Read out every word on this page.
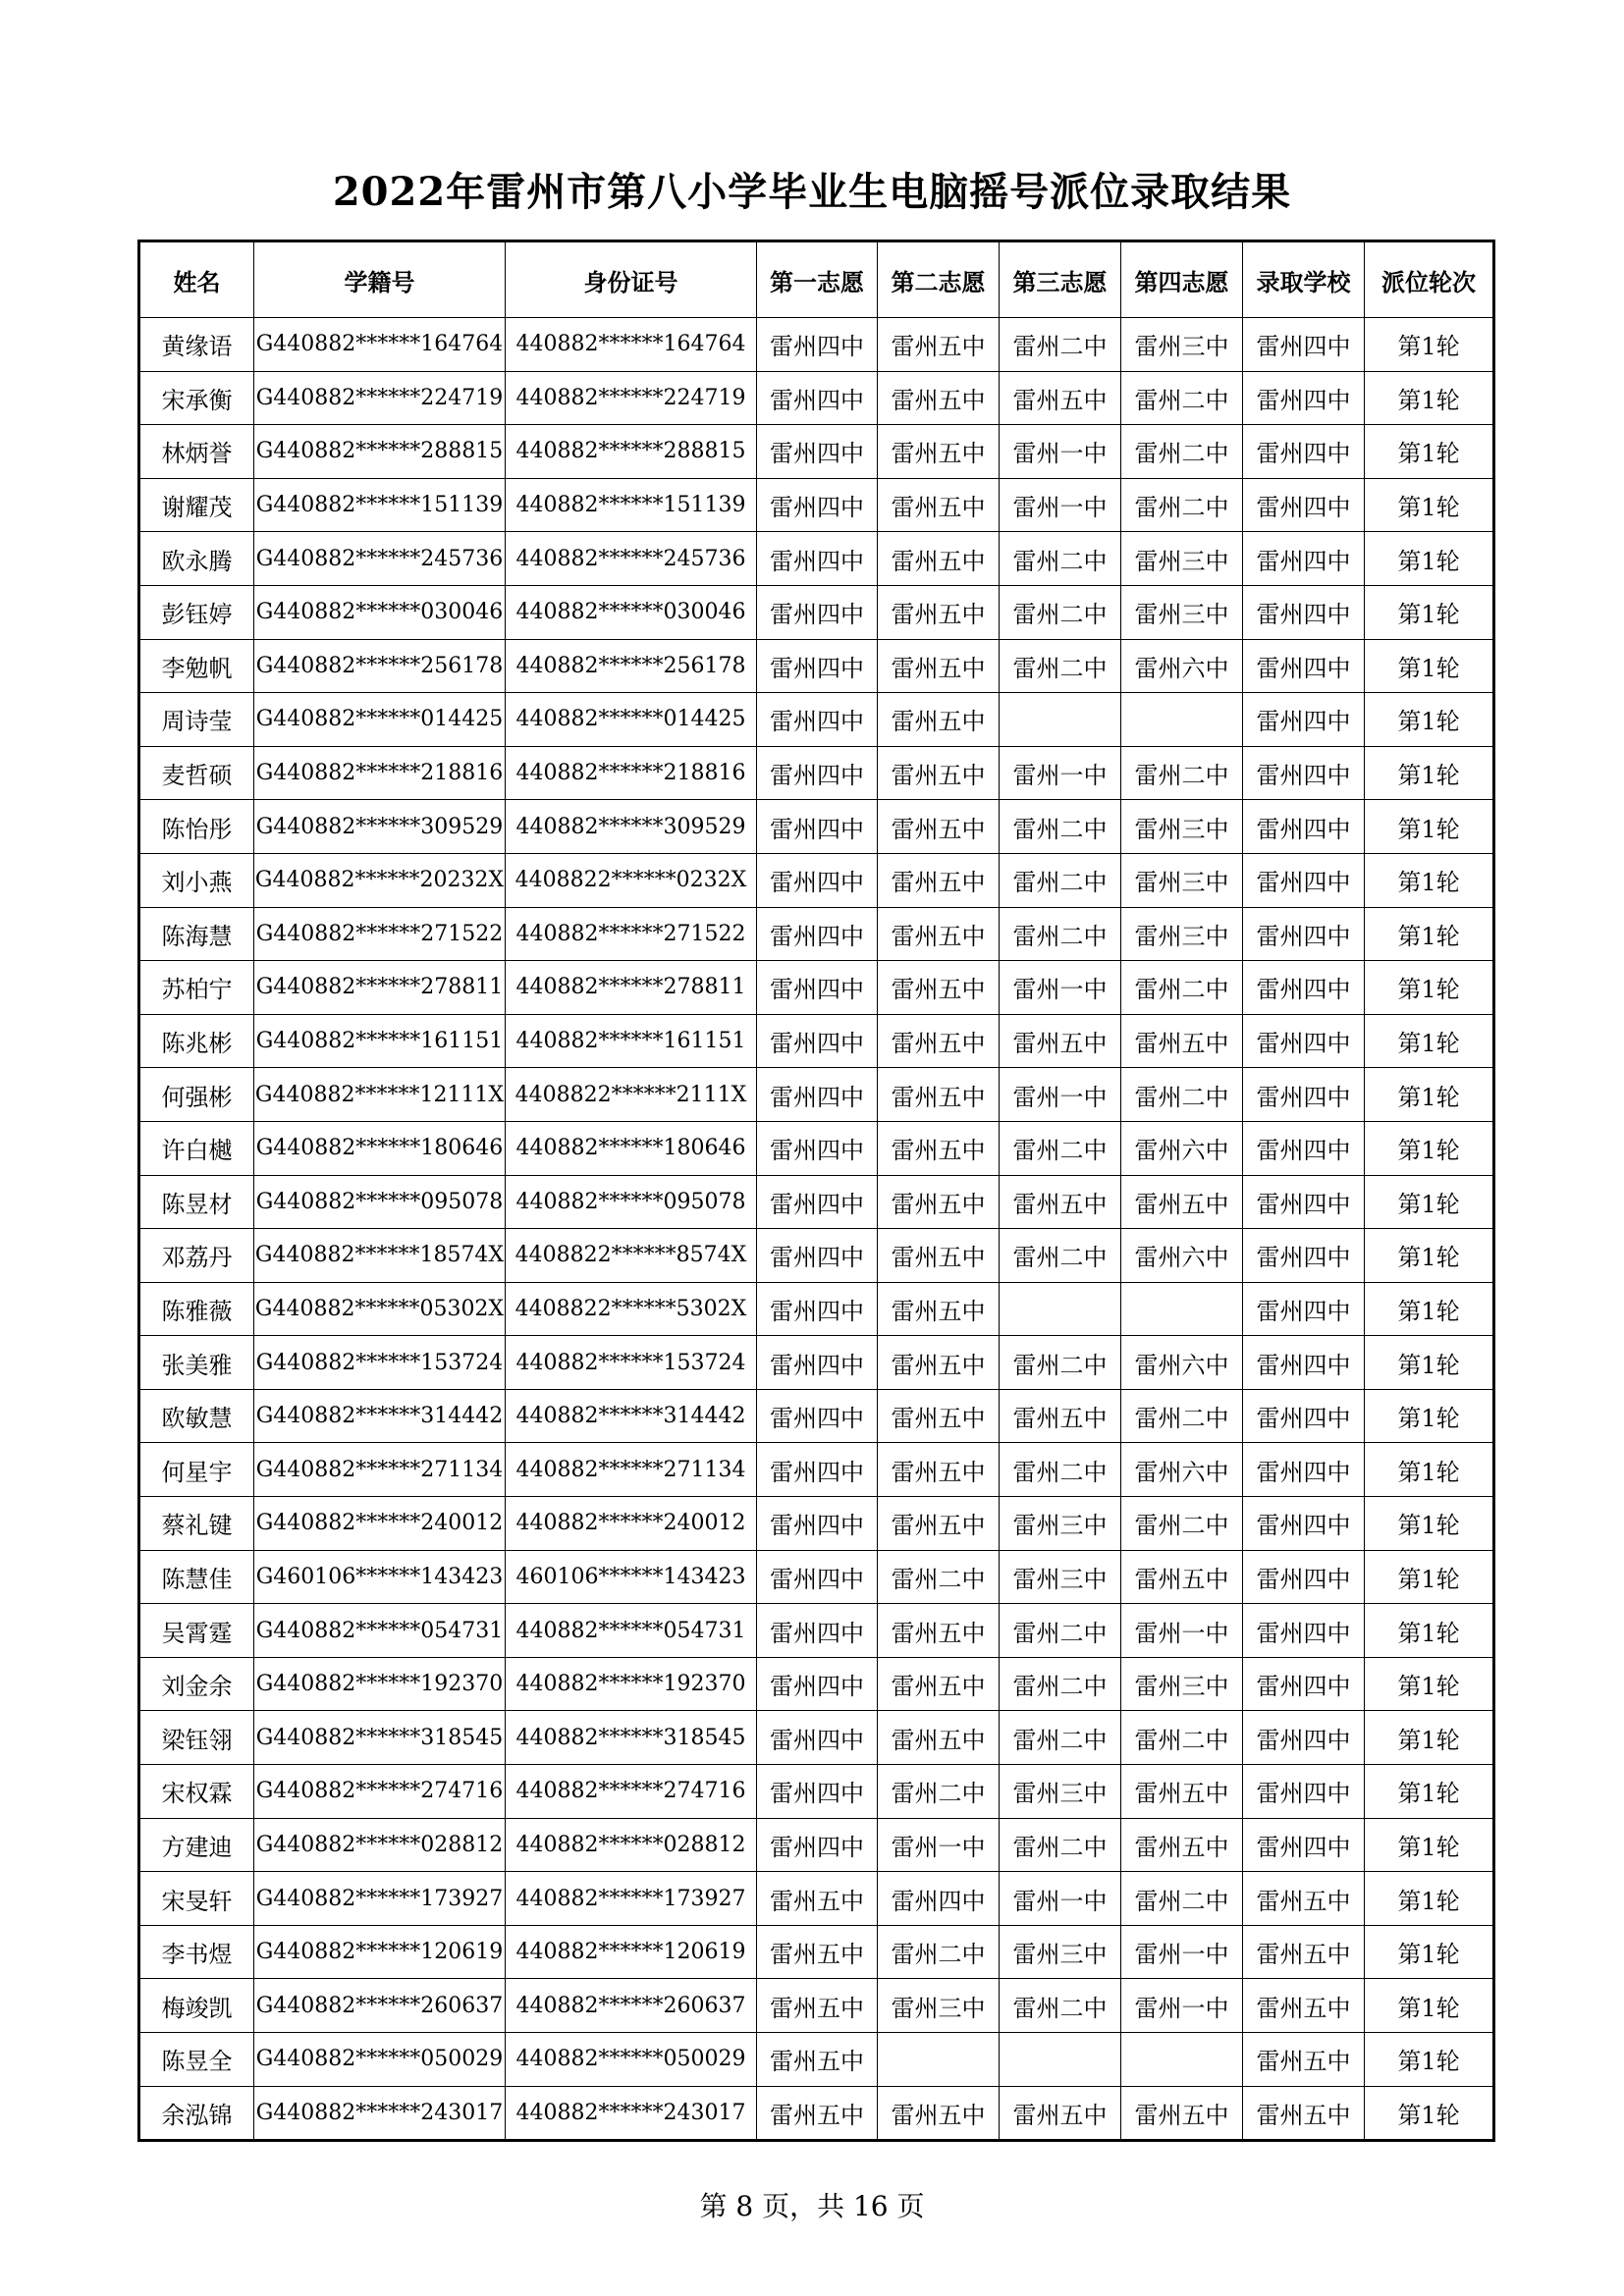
2022年雷州市第八小学毕业生电脑摇号派位录取结果
姓名	学籍号	身份证号	第一志愿	第二志愿	第三志愿	第四志愿	录取学校	派位轮次
黄缘语	G440882******164764	440882******164764	雷州四中	雷州五中	雷州二中	雷州三中	雷州四中	第1轮
宋承衡	G440882******224719	440882******224719	雷州四中	雷州五中	雷州五中	雷州二中	雷州四中	第1轮
林炳誉	G440882******288815	440882******288815	雷州四中	雷州五中	雷州一中	雷州二中	雷州四中	第1轮
谢耀茂	G440882******151139	440882******151139	雷州四中	雷州五中	雷州一中	雷州二中	雷州四中	第1轮
欧永腾	G440882******245736	440882******245736	雷州四中	雷州五中	雷州二中	雷州三中	雷州四中	第1轮
彭钰婷	G440882******030046	440882******030046	雷州四中	雷州五中	雷州二中	雷州三中	雷州四中	第1轮
李勉帆	G440882******256178	440882******256178	雷州四中	雷州五中	雷州二中	雷州六中	雷州四中	第1轮
周诗莹	G440882******014425	440882******014425	雷州四中	雷州五中			雷州四中	第1轮
麦哲硕	G440882******218816	440882******218816	雷州四中	雷州五中	雷州一中	雷州二中	雷州四中	第1轮
陈怡彤	G440882******309529	440882******309529	雷州四中	雷州五中	雷州二中	雷州三中	雷州四中	第1轮
刘小燕	G440882******20232X	4408822******0232X	雷州四中	雷州五中	雷州二中	雷州三中	雷州四中	第1轮
陈海慧	G440882******271522	440882******271522	雷州四中	雷州五中	雷州二中	雷州三中	雷州四中	第1轮
苏柏宁	G440882******278811	440882******278811	雷州四中	雷州五中	雷州一中	雷州二中	雷州四中	第1轮
陈兆彬	G440882******161151	440882******161151	雷州四中	雷州五中	雷州五中	雷州五中	雷州四中	第1轮
何强彬	G440882******12111X	4408822******2111X	雷州四中	雷州五中	雷州一中	雷州二中	雷州四中	第1轮
许白樾	G440882******180646	440882******180646	雷州四中	雷州五中	雷州二中	雷州六中	雷州四中	第1轮
陈昱材	G440882******095078	440882******095078	雷州四中	雷州五中	雷州五中	雷州五中	雷州四中	第1轮
邓荔丹	G440882******18574X	4408822******8574X	雷州四中	雷州五中	雷州二中	雷州六中	雷州四中	第1轮
陈雅薇	G440882******05302X	4408822******5302X	雷州四中	雷州五中			雷州四中	第1轮
张美雅	G440882******153724	440882******153724	雷州四中	雷州五中	雷州二中	雷州六中	雷州四中	第1轮
欧敏慧	G440882******314442	440882******314442	雷州四中	雷州五中	雷州五中	雷州二中	雷州四中	第1轮
何星宇	G440882******271134	440882******271134	雷州四中	雷州五中	雷州二中	雷州六中	雷州四中	第1轮
蔡礼键	G440882******240012	440882******240012	雷州四中	雷州五中	雷州三中	雷州二中	雷州四中	第1轮
陈慧佳	G460106******143423	460106******143423	雷州四中	雷州二中	雷州三中	雷州五中	雷州四中	第1轮
吴霄霆	G440882******054731	440882******054731	雷州四中	雷州五中	雷州二中	雷州一中	雷州四中	第1轮
刘金余	G440882******192370	440882******192370	雷州四中	雷州五中	雷州二中	雷州三中	雷州四中	第1轮
梁钰翎	G440882******318545	440882******318545	雷州四中	雷州五中	雷州二中	雷州二中	雷州四中	第1轮
宋权霖	G440882******274716	440882******274716	雷州四中	雷州二中	雷州三中	雷州五中	雷州四中	第1轮
方建迪	G440882******028812	440882******028812	雷州四中	雷州一中	雷州二中	雷州五中	雷州四中	第1轮
宋旻轩	G440882******173927	440882******173927	雷州五中	雷州四中	雷州一中	雷州二中	雷州五中	第1轮
李书煜	G440882******120619	440882******120619	雷州五中	雷州二中	雷州三中	雷州一中	雷州五中	第1轮
梅竣凯	G440882******260637	440882******260637	雷州五中	雷州三中	雷州二中	雷州一中	雷州五中	第1轮
陈昱全	G440882******050029	440882******050029	雷州五中				雷州五中	第1轮
余泓锦	G440882******243017	440882******243017	雷州五中	雷州五中	雷州五中	雷州五中	雷州五中	第1轮
第 8 页，共 16 页
